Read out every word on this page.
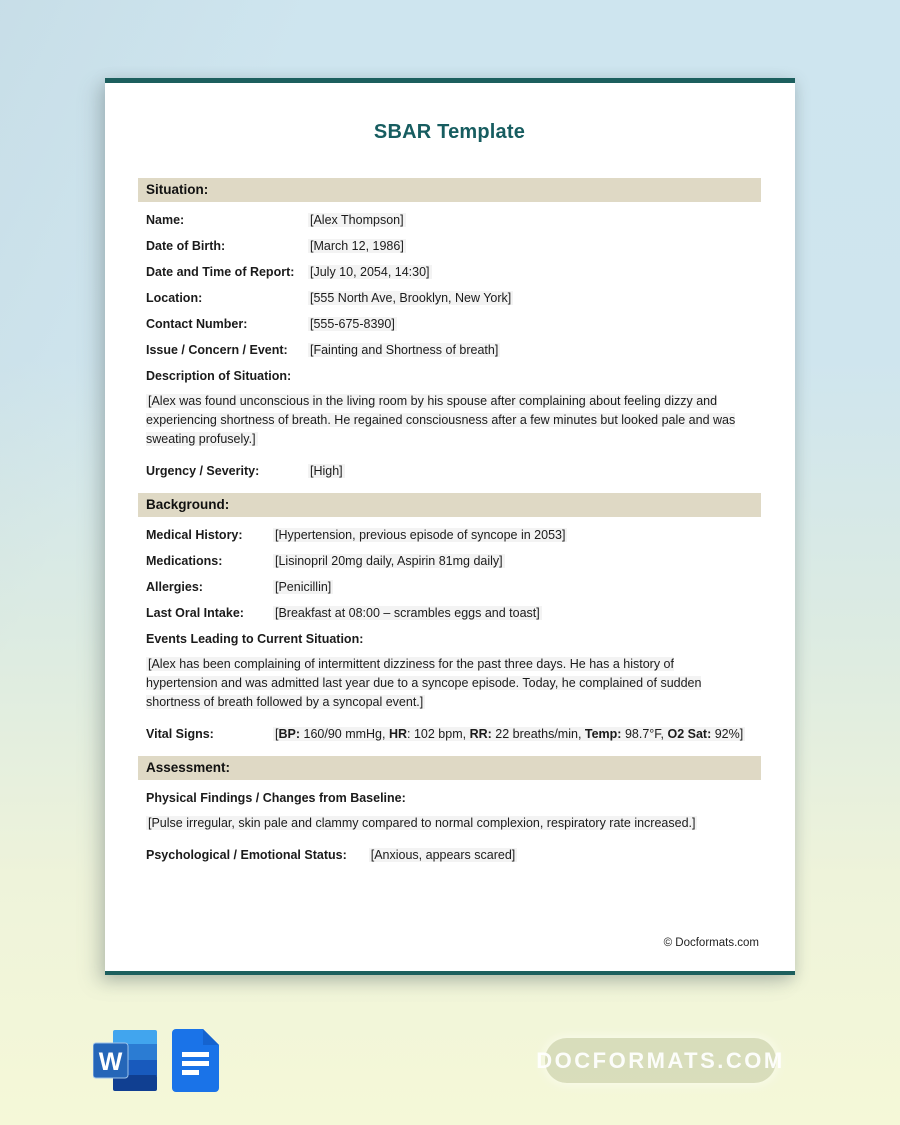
SBAR Template
Situation:
Name:	[Alex Thompson]
Date of Birth:	[March 12, 1986]
Date and Time of Report:	[July 10, 2054, 14:30]
Location:	[555 North Ave, Brooklyn, New York]
Contact Number:	[555-675-8390]
Issue / Concern / Event:	[Fainting and Shortness of breath]
Description of Situation:
[Alex was found unconscious in the living room by his spouse after complaining about feeling dizzy and experiencing shortness of breath. He regained consciousness after a few minutes but looked pale and was sweating profusely.]
Urgency / Severity:	[High]
Background:
Medical History:	[Hypertension, previous episode of syncope in 2053]
Medications:	[Lisinopril 20mg daily, Aspirin 81mg daily]
Allergies:	[Penicillin]
Last Oral Intake:	[Breakfast at 08:00 – scrambles eggs and toast]
Events Leading to Current Situation:
[Alex has been complaining of intermittent dizziness for the past three days. He has a history of hypertension and was admitted last year due to a syncope episode. Today, he complained of sudden shortness of breath followed by a syncopal event.]
Vital Signs:	[BP: 160/90 mmHg, HR: 102 bpm, RR: 22 breaths/min, Temp: 98.7°F, O2 Sat: 92%]
Assessment:
Physical Findings / Changes from Baseline:
[Pulse irregular, skin pale and clammy compared to normal complexion, respiratory rate increased.]
Psychological / Emotional Status: [Anxious, appears scared]
© Docformats.com
W	DOCFORMATS.COM
